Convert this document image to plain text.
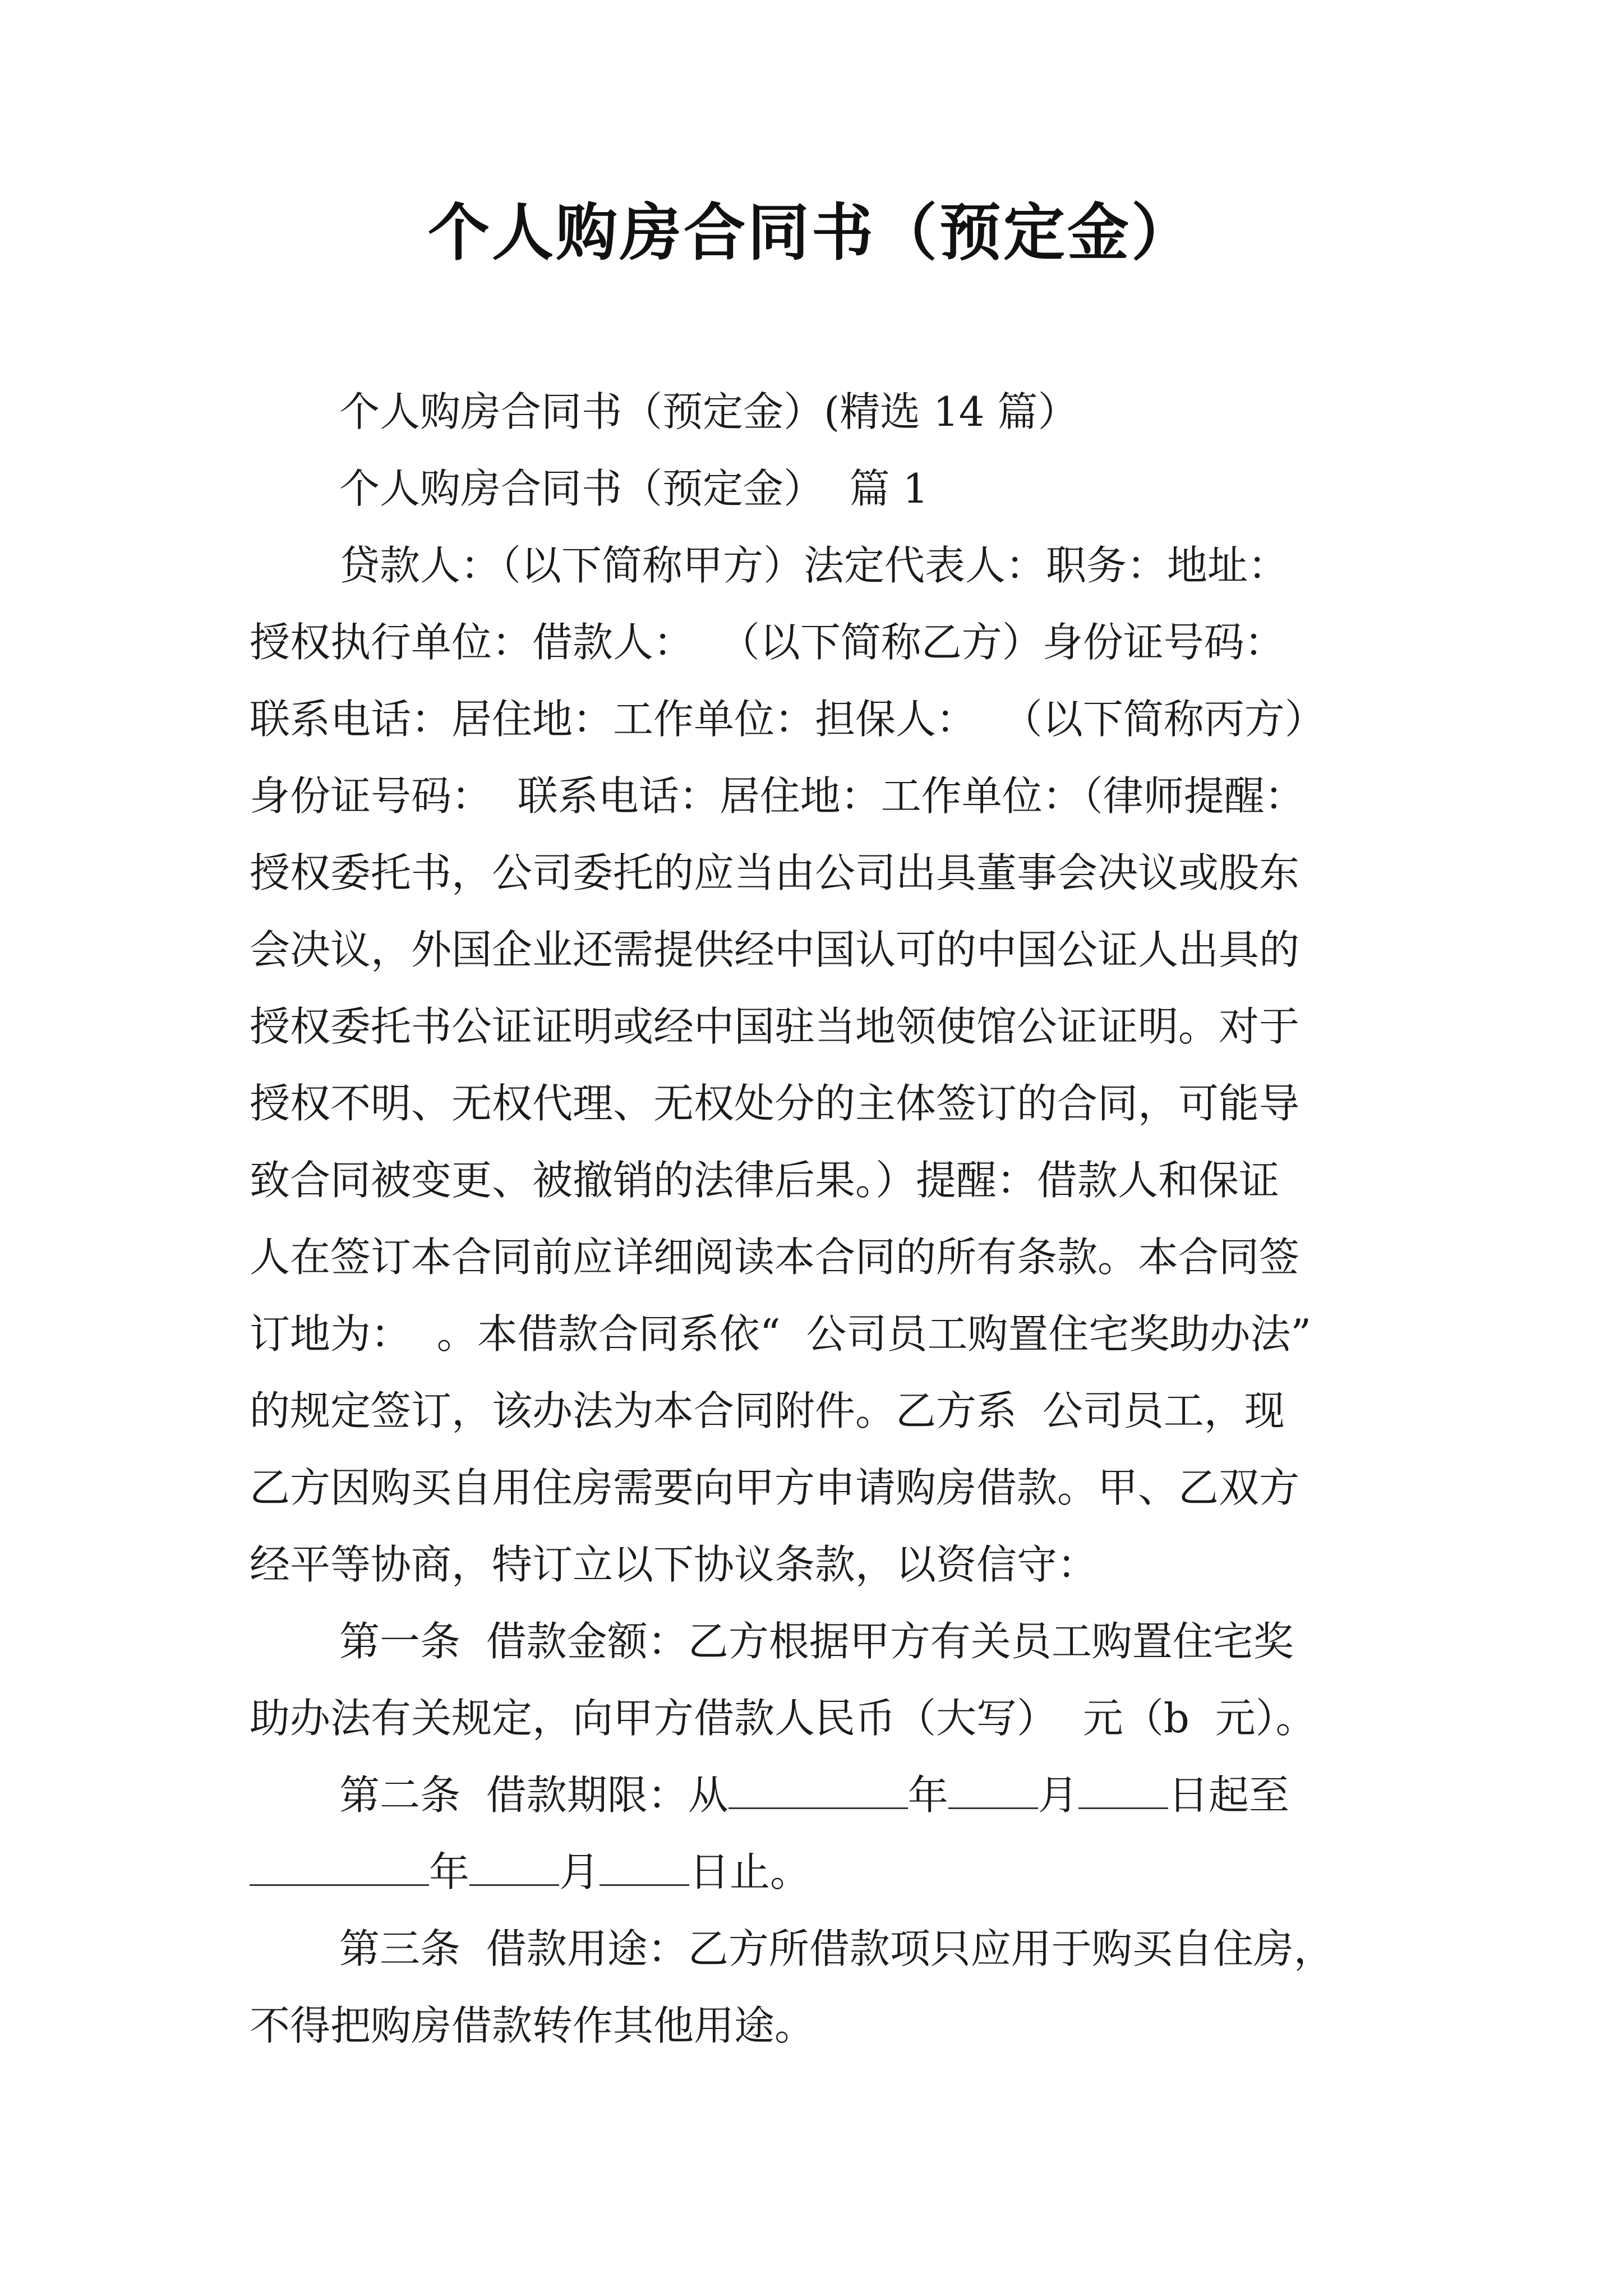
个人购房合同书（预定金）
个人购房合同书（预定金）(精选 14 篇）
个人购房合同书（预定金）  篇 1
贷款人：（以下简称甲方）法定代表人：职务：地址：
授权执行单位：借款人：  （以下简称乙方）身份证号码：
联系电话：居住地：工作单位：担保人：  （以下简称丙方）
身份证号码：  联系电话：居住地：工作单位：（律师提醒：
授权委托书，公司委托的应当由公司出具董事会决议或股东
会决议，外国企业还需提供经中国认可的中国公证人出具的
授权委托书公证证明或经中国驻当地领使馆公证证明。对于
授权不明、无权代理、无权处分的主体签订的合同，可能导
致合同被变更、被撤销的法律后果。）提醒：借款人和保证
人在签订本合同前应详细阅读本合同的所有条款。本合同签
订地为：  。本借款合同系依“  公司员工购置住宅奖助办法”
的规定签订，该办法为本合同附件。乙方系  公司员工，现
乙方因购买自用住房需要向甲方申请购房借款。甲、乙双方
经平等协商，特订立以下协议条款，以资信守：
第一条  借款金额：乙方根据甲方有关员工购置住宅奖
助办法有关规定，向甲方借款人民币（大写）  元（b  元）。
第二条  借款期限：从	年 月 日起至
年 月 日止。
第三条  借款用途：乙方所借款项只应用于购买自住房，
不得把购房借款转作其他用途。
